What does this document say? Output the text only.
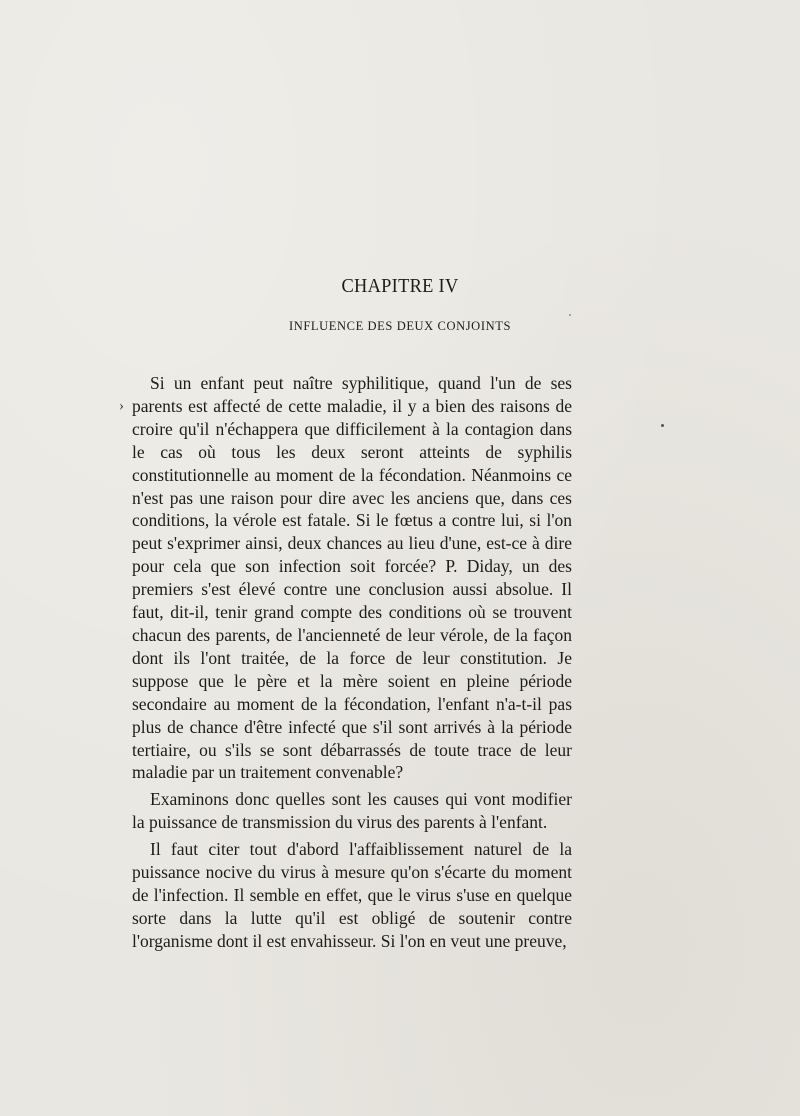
CHAPITRE IV
INFLUENCE DES DEUX CONJOINTS
›

Si un enfant peut naître syphilitique, quand l'un de ses parents est affecté de cette maladie, il y a bien des raisons de croire qu'il n'échappera que difficilement à la contagion dans le cas où tous les deux seront atteints de syphilis constitutionnelle au moment de la fécondation. Néanmoins ce n'est pas une raison pour dire avec les anciens que, dans ces conditions, la vérole est fatale. Si le fœtus a contre lui, si l'on peut s'exprimer ainsi, deux chances au lieu d'une, est-ce à dire pour cela que son infection soit forcée? P. Diday, un des premiers s'est élevé contre une conclusion aussi absolue. Il faut, dit-il, tenir grand compte des conditions où se trouvent chacun des parents, de l'ancienneté de leur vérole, de la façon dont ils l'ont traitée, de la force de leur constitution. Je suppose que le père et la mère soient en pleine période secondaire au moment de la fécondation, l'enfant n'a-t-il pas plus de chance d'être infecté que s'il sont arrivés à la période tertiaire, ou s'ils se sont débarrassés de toute trace de leur maladie par un traitement convenable?

Examinons donc quelles sont les causes qui vont modifier la puissance de transmission du virus des parents à l'enfant.

Il faut citer tout d'abord l'affaiblissement naturel de la puissance nocive du virus à mesure qu'on s'écarte du moment de l'infection. Il semble en effet, que le virus s'use en quelque sorte dans la lutte qu'il est obligé de soutenir contre l'organisme dont il est envahisseur. Si l'on en veut une preuve,
